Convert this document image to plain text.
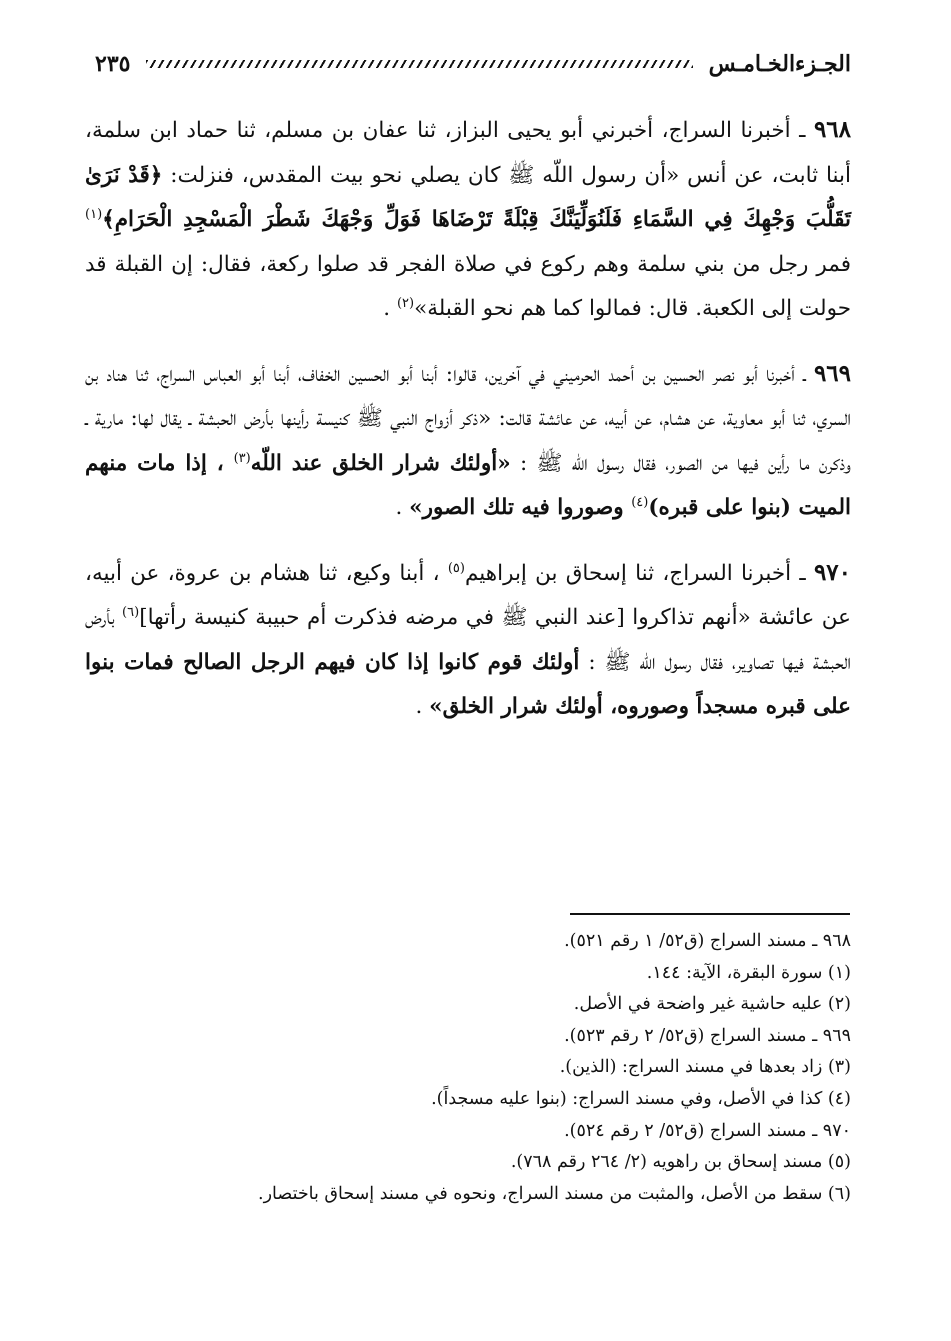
الجـزءالخـامـس
٢٣٥

٩٦٨ ـ أخبرنا السراج، أخبرني أبو يحيى البزاز، ثنا عفان بن مسلم، ثنا حماد ابن سلمة، أبنا ثابت، عن أنس «أن رسول اللّه ﷺ كان يصلي نحو بيت المقدس، فنزلت: ﴿قَدْ نَرَىٰ تَقَلُّبَ وَجْهِكَ فِي السَّمَاءِ فَلَنُوَلِّيَنَّكَ قِبْلَةً تَرْضَاهَا فَوَلِّ وَجْهَكَ شَطْرَ الْمَسْجِدِ الْحَرَامِ﴾$^{(١)}$ فمر رجل من بني سلمة وهم ركوع في صلاة الفجر قد صلوا ركعة، فقال: إن القبلة قد حولت إلى الكعبة. قال: فمالوا كما هم نحو القبلة»$^{(٢)}$ .

٩٦٩ ـ أخبرنا أبو نصر الحسين بن أحمد الحرميني في آخرين، قالوا: أبنا أبو الحسين الخفاف، أبنا أبو العباس السراج، ثنا هناد بن السري، ثنا أبو معاوية، عن هشام، عن أبيه، عن عائشة قالت: «ذكر أزواج النبي ﷺ كنيسة رأينها بأرض الحبشة ـ يقال لها: مارية ـ وذكرن ما رأين فيها من الصور، فقال رسول اللّه ﷺ : «أولئك شرار الخلق عند اللّه$^{(٣)}$ ، إذا مات منهم الميت (بنوا على قبره)$^{(٤)}$ وصوروا فيه تلك الصور» .

٩٧٠ ـ أخبرنا السراج، ثنا إسحاق بن إبراهيم$^{(٥)}$ ، أبنا وكيع، ثنا هشام بن عروة، عن أبيه، عن عائشة «أنهم تذاكروا [عند النبي ﷺ في مرضه فذكرت أم حبيبة كنيسة رأتها]$^{(٦)}$ بأرض الحبشة فيها تصاوير، فقال رسول اللّه ﷺ : أولئك قوم كانوا إذا كان فيهم الرجل الصالح فمات بنوا على قبره مسجداً وصوروه، أولئك شرار الخلق» .

٩٦٨ ـ مسند السراج (ق٥٢/ ١ رقم ٥٢١).
(١) سورة البقرة، الآية: ١٤٤.
(٢) عليه حاشية غير واضحة في الأصل.
٩٦٩ ـ مسند السراج (ق٥٢/ ٢ رقم ٥٢٣).
(٣) زاد بعدها في مسند السراج: (الذين).
(٤) كذا في الأصل، وفي مسند السراج: (بنوا عليه مسجداً).
٩٧٠ ـ مسند السراج (ق٥٢/ ٢ رقم ٥٢٤).
(٥) مسند إسحاق بن راهويه (٢/ ٢٦٤ رقم ٧٦٨).
(٦) سقط من الأصل، والمثبت من مسند السراج، ونحوه في مسند إسحاق باختصار.
